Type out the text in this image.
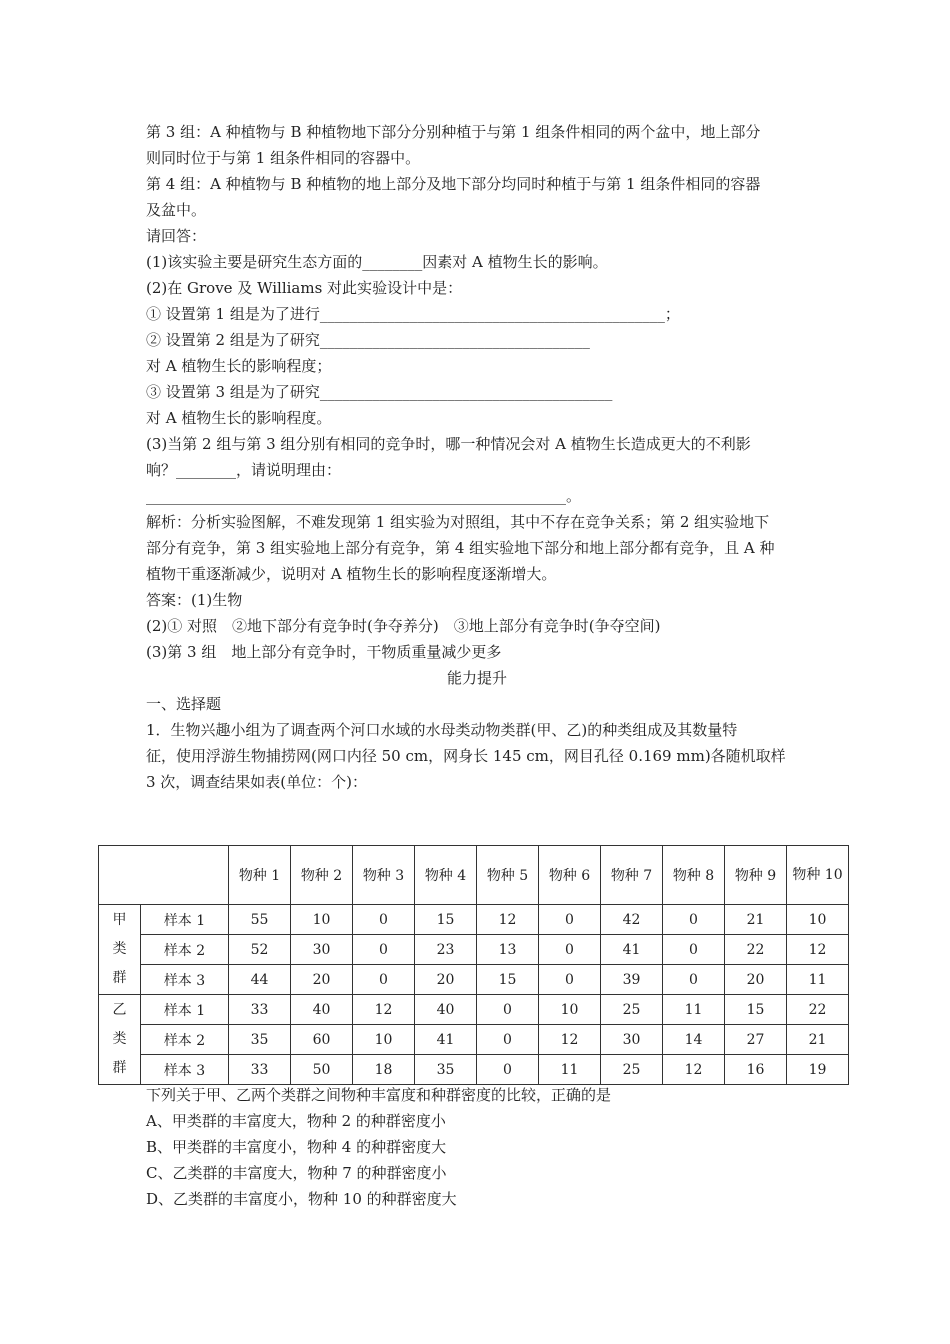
第 3 组：A 种植物与 B 种植物地下部分分别种植于与第 1 组条件相同的两个盆中，地上部分
则同时位于与第 1 组条件相同的容器中。
第 4 组：A 种植物与 B 种植物的地上部分及地下部分均同时种植于与第 1 组条件相同的容器
及盆中。
请回答：
(1)该实验主要是研究生态方面的________因素对 A 植物生长的影响。
(2)在 Grove 及 Williams 对此实验设计中是：
① 设置第 1 组是为了进行______________________________________________；
② 设置第 2 组是为了研究____________________________________
对 A 植物生长的影响程度；
③ 设置第 3 组是为了研究_______________________________________
对 A 植物生长的影响程度。
(3)当第 2 组与第 3 组分别有相同的竞争时，哪一种情况会对 A 植物生长造成更大的不利影
响？________，请说明理由：
________________________________________________________。
解析：分析实验图解，不难发现第 1 组实验为对照组，其中不存在竞争关系；第 2 组实验地下
部分有竞争，第 3 组实验地上部分有竞争，第 4 组实验地下部分和地上部分都有竞争，且 A 种
植物干重逐渐减少，说明对 A 植物生长的影响程度逐渐增大。
答案：(1)生物
(2)① 对照　②地下部分有竞争时(争夺养分)　③地上部分有竞争时(争夺空间)
(3)第 3 组　地上部分有竞争时，干物质重量减少更多
能力提升
一、选择题
1．生物兴趣小组为了调查两个河口水域的水母类动物类群(甲、乙)的种类组成及其数量特
征，使用浮游生物捕捞网(网口内径 50 cm，网身长 145 cm，网目孔径 0.169 mm)各随机取样
3 次，调查结果如表(单位：个)：
		物种 1	物种 2	物种 3	物种 4	物种 5	物种 6	物种 7	物种 8	物种 9	物种 10

甲
类
群	样本 1	55	10	0	15	12	0	42	0	21	10
	样本 2	52	30	0	23	13	0	41	0	22	12
	样本 3	44	20	0	20	15	0	39	0	20	11

乙
类
群	样本 1	33	40	12	40	0	10	25	11	15	22
	样本 2	35	60	10	41	0	12	30	14	27	21
	样本 3	33	50	18	35	0	11	25	12	16	19
下列关于甲、乙两个类群之间物种丰富度和种群密度的比较，正确的是
A、甲类群的丰富度大，物种 2 的种群密度小
B、甲类群的丰富度小，物种 4 的种群密度大
C、乙类群的丰富度大，物种 7 的种群密度小
D、乙类群的丰富度小，物种 10 的种群密度大
